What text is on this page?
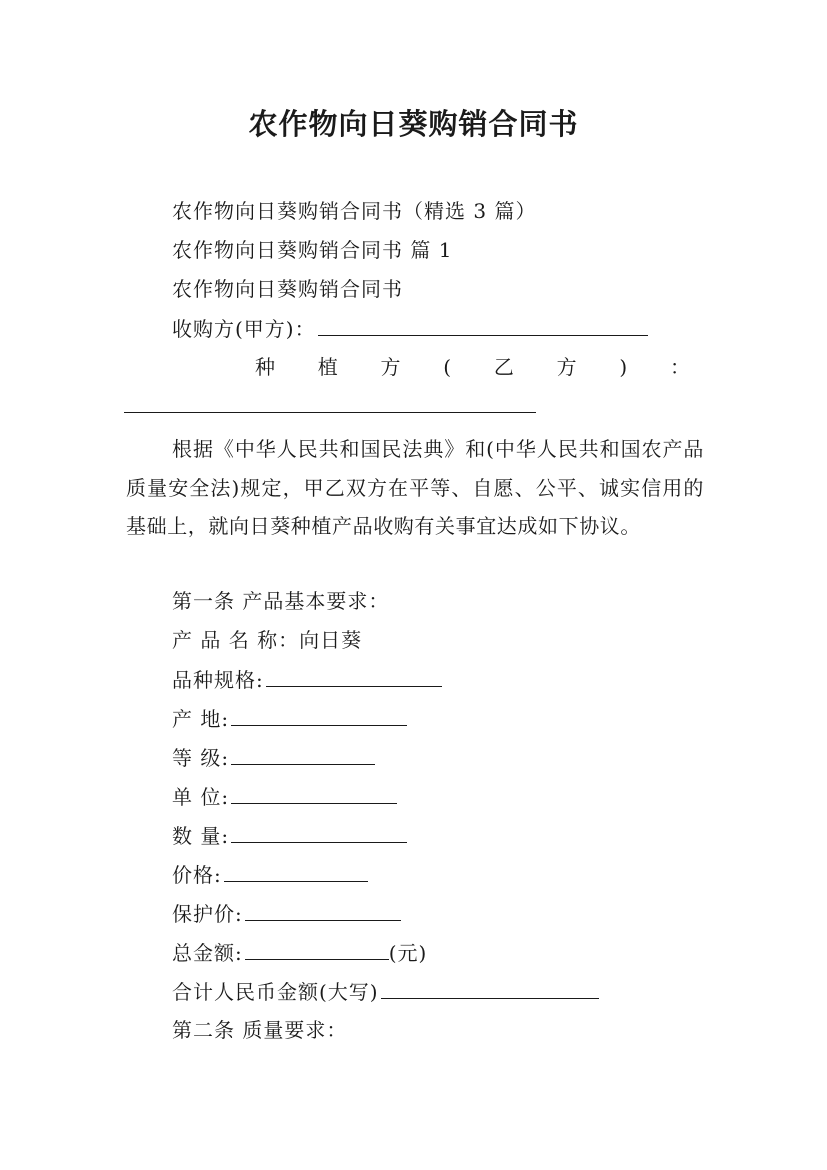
农作物向日葵购销合同书
农作物向日葵购销合同书（精选 3 篇）
农作物向日葵购销合同书 篇 1
农作物向日葵购销合同书
收购方(甲方)：
种 植 方 ( 乙 方 ) ：

根据《中华人民共和国民法典》和(中华人民共和国农产品质量安全法)规定，甲乙双方在平等、自愿、公平、诚实信用的基础上，就向日葵种植产品收购有关事宜达成如下协议。

第一条 产品基本要求：
产 品 名 称：向日葵
品种规格:
产 地:
等 级:
单 位:
数 量:
价格:
保护价:
总金额:	(元)
合计人民币金额(大写)
第二条 质量要求：
